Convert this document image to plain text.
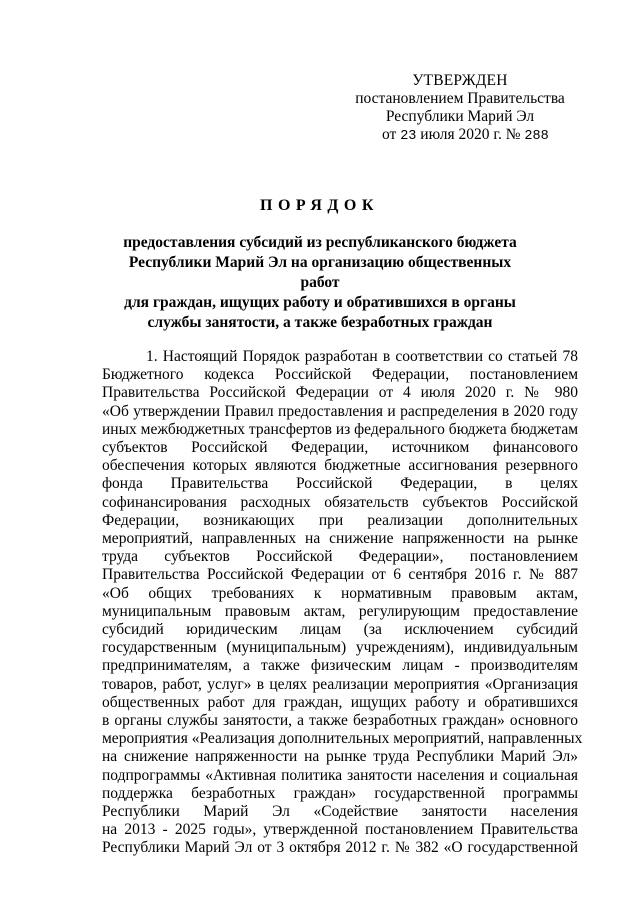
УТВЕРЖДЕН
постановлением Правительства
Республики Марий Эл
от 23 июля 2020 г. № 288
ПОРЯДОК
предоставления субсидий из республиканского бюджета
Республики Марий Эл на организацию общественных работ
для граждан, ищущих работу и обратившихся в органы
службы занятости, а также безработных граждан
1. Настоящий Порядок разработан в соответствии со статьей 78
Бюджетного кодекса Российской Федерации, постановлением
Правительства Российской Федерации от 4 июля 2020 г. № 980
«Об утверждении Правил предоставления и распределения в 2020 году
иных межбюджетных трансфертов из федерального бюджета бюджетам
субъектов Российской Федерации, источником финансового
обеспечения которых являются бюджетные ассигнования резервного
фонда Правительства Российской Федерации, в целях
софинансирования расходных обязательств субъектов Российской
Федерации, возникающих при реализации дополнительных
мероприятий, направленных на снижение напряженности на рынке
труда субъектов Российской Федерации», постановлением
Правительства Российской Федерации от 6 сентября 2016 г. № 887
«Об общих требованиях к нормативным правовым актам,
муниципальным правовым актам, регулирующим предоставление
субсидий юридическим лицам (за исключением субсидий
государственным (муниципальным) учреждениям), индивидуальным
предпринимателям, а также физическим лицам - производителям
товаров, работ, услуг» в целях реализации мероприятия «Организация
общественных работ для граждан, ищущих работу и обратившихся
в органы службы занятости, а также безработных граждан» основного
мероприятия «Реализация дополнительных мероприятий, направленных
на снижение напряженности на рынке труда Республики Марий Эл»
подпрограммы «Активная политика занятости населения и социальная
поддержка безработных граждан» государственной программы
Республики Марий Эл «Содействие занятости населения
на 2013 - 2025 годы», утвержденной постановлением Правительства
Республики Марий Эл от 3 октября 2012 г. № 382 «О государственной
